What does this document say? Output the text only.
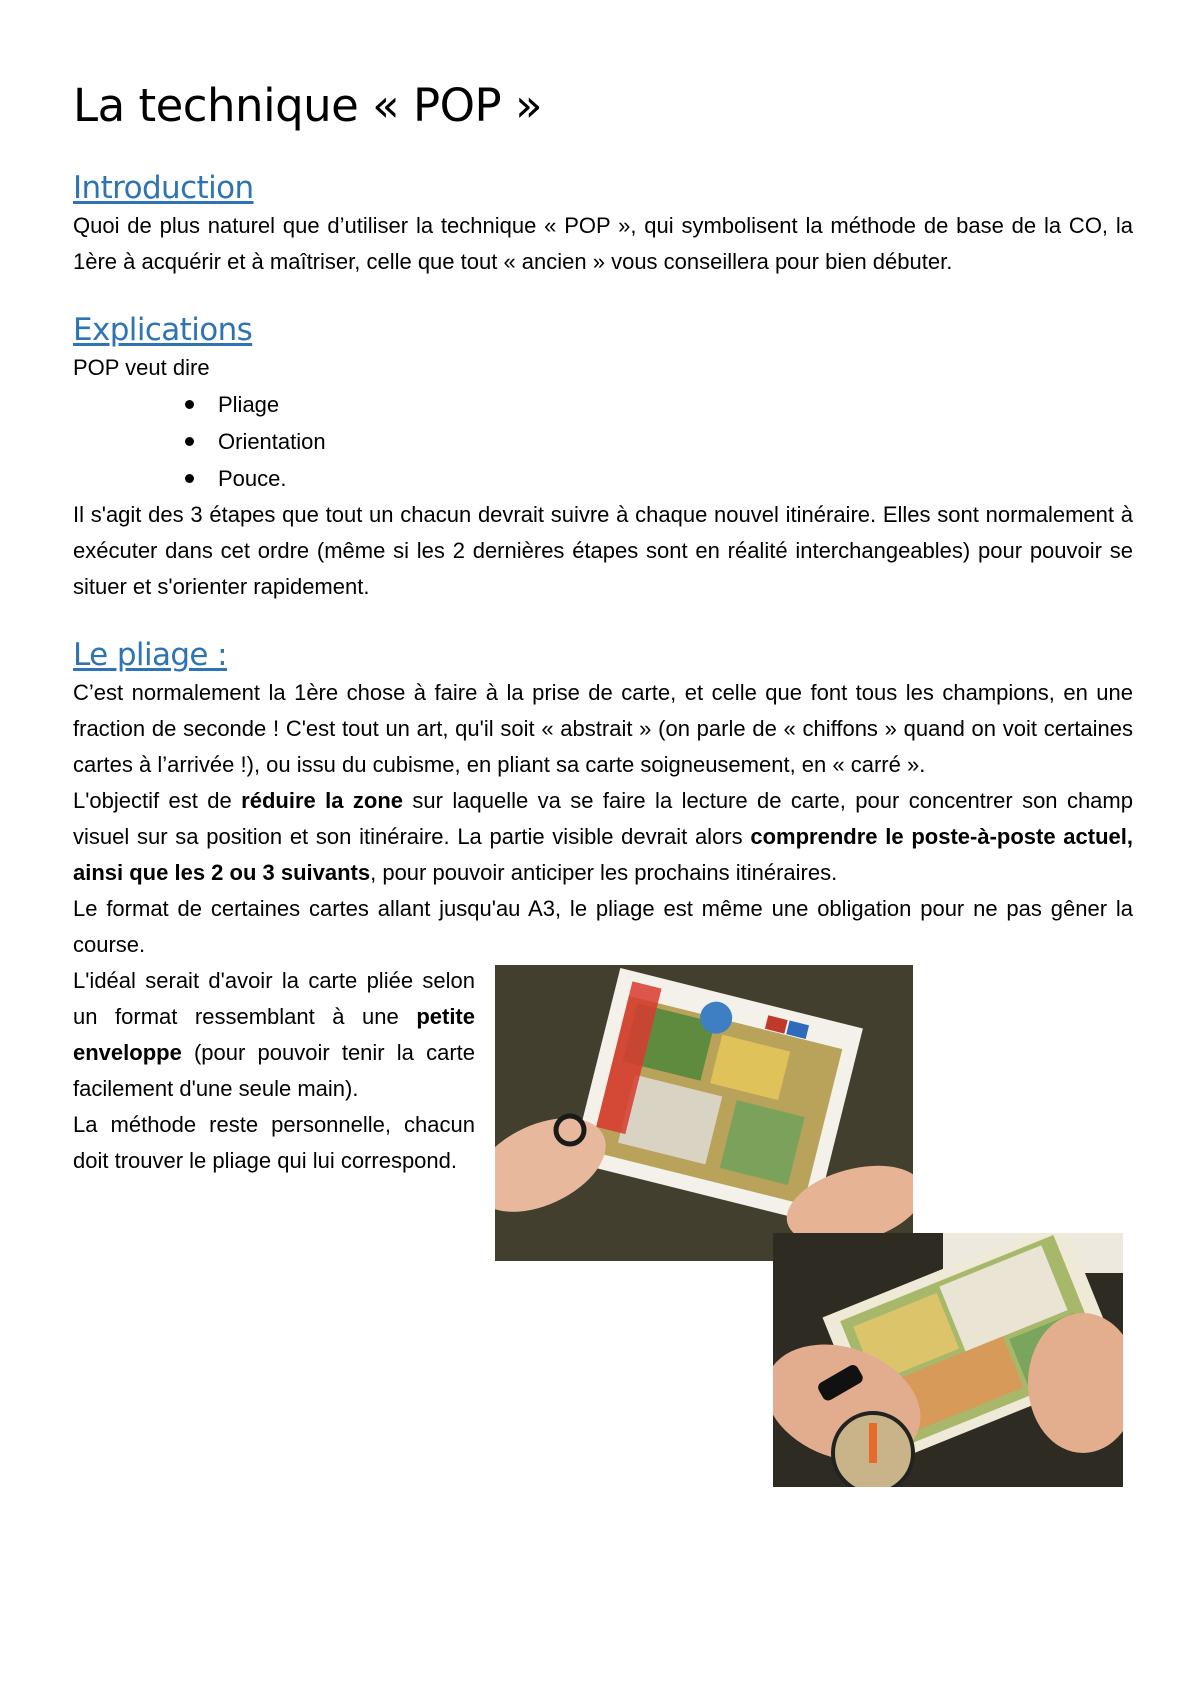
La technique « POP »
Introduction

Quoi de plus naturel que d’utiliser la technique « POP », qui symbolisent la méthode de base de la CO, la 1ère à acquérir et à maîtriser, celle que tout « ancien » vous conseillera pour bien débuter.

Explications

POP veut dire

Pliage
Orientation
Pouce.

Il s'agit des 3 étapes que tout un chacun devrait suivre à chaque nouvel itinéraire. Elles sont normalement à exécuter dans cet ordre (même si les 2 dernières étapes sont en réalité interchangeables) pour pouvoir se situer et s'orienter rapidement.

Le pliage :

C’est normalement la 1ère chose à faire à la prise de carte, et celle que font tous les champions, en une fraction de seconde ! C'est tout un art, qu'il soit « abstrait » (on parle de « chiffons » quand on voit certaines cartes à l’arrivée !), ou issu du cubisme, en pliant sa carte soigneusement, en « carré ».

L'objectif est de réduire la zone sur laquelle va se faire la lecture de carte, pour concentrer son champ visuel sur sa position et son itinéraire. La partie visible devrait alors comprendre le poste-à-poste actuel, ainsi que les 2 ou 3 suivants, pour pouvoir anticiper les prochains itinéraires.

Le format de certaines cartes allant jusqu'au A3, le pliage est même une obligation pour ne pas gêner la course.

L'idéal serait d'avoir la carte pliée selon un format ressemblant à une petite enveloppe (pour pouvoir tenir la carte facilement d'une seule main).

La méthode reste personnelle, chacun doit trouver le pliage qui lui correspond.
